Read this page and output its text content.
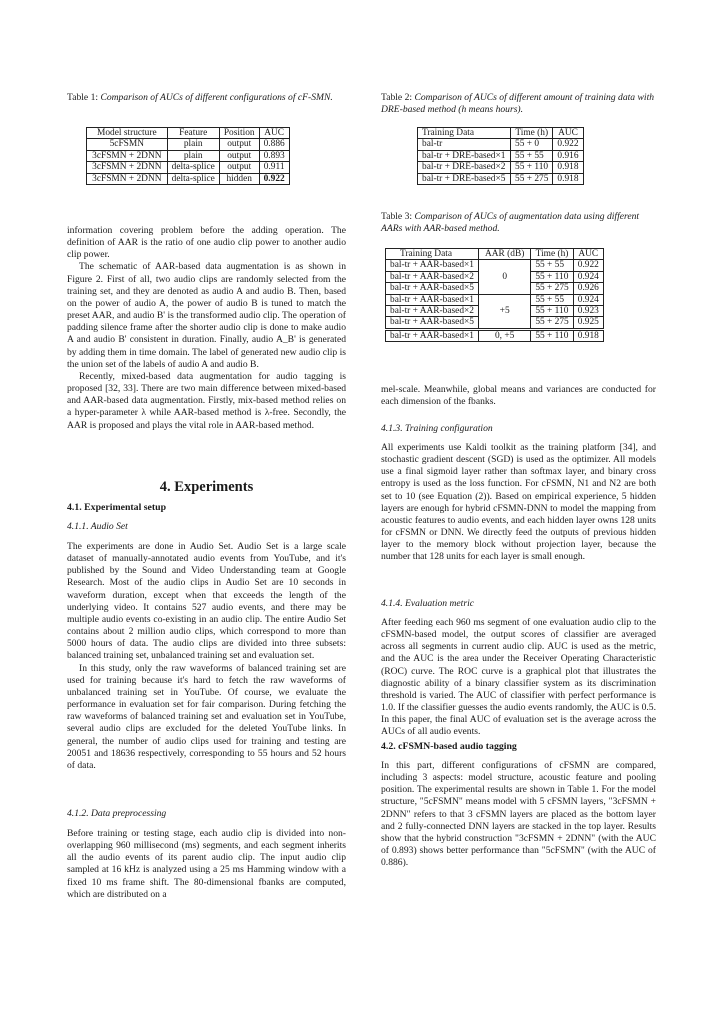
Table 1: Comparison of AUCs of different configurations of cF-SMN.
Model structure	Feature	Position	AUC
5cFSMN	plain	output	0.886
3cFSMN + 2DNN	plain	output	0.893
3cFSMN + 2DNN	delta-splice	output	0.911
3cFSMN + 2DNN	delta-splice	hidden	0.922
Table 2: Comparison of AUCs of different amount of training data with DRE-based method (h means hours).
Training Data	Time (h)	AUC
bal-tr	55 + 0	0.922
bal-tr + DRE-based×1	55 + 55	0.916
bal-tr + DRE-based×2	55 + 110	0.918
bal-tr + DRE-based×5	55 + 275	0.918
Table 3: Comparison of AUCs of augmentation data using different AARs with AAR-based method.
Training Data	AAR (dB)	Time (h)	AUC
bal-tr + AAR-based×1	0	55 + 55	0.922
bal-tr + AAR-based×2		55 + 110	0.924
bal-tr + AAR-based×5		55 + 275	0.926
bal-tr + AAR-based×1	+5	55 + 55	0.924
bal-tr + AAR-based×2		55 + 110	0.923
bal-tr + AAR-based×5		55 + 275	0.925
bal-tr + AAR-based×1	0, +5	55 + 110	0.918

information covering problem before the adding operation. The definition of AAR is the ratio of one audio clip power to another audio clip power.

The schematic of AAR-based data augmentation is as shown in Figure 2. First of all, two audio clips are randomly selected from the training set, and they are denoted as audio A and audio B. Then, based on the power of audio A, the power of audio B is tuned to match the preset AAR, and audio B' is the transformed audio clip. The operation of padding silence frame after the shorter audio clip is done to make audio A and audio B' consistent in duration. Finally, audio A_B' is generated by adding them in time domain. The label of generated new audio clip is the union set of the labels of audio A and audio B.

Recently, mixed-based data augmentation for audio tagging is proposed [32, 33]. There are two main difference between mixed-based and AAR-based data augmentation. Firstly, mix-based method relies on a hyper-parameter λ while AAR-based method is λ-free. Secondly, the AAR is proposed and plays the vital role in AAR-based method.

4. Experiments
4.1. Experimental setup
4.1.1. Audio Set

The experiments are done in Audio Set. Audio Set is a large scale dataset of manually-annotated audio events from YouTube, and it's published by the Sound and Video Understanding team at Google Research. Most of the audio clips in Audio Set are 10 seconds in waveform duration, except when that exceeds the length of the underlying video. It contains 527 audio events, and there may be multiple audio events co-existing in an audio clip. The entire Audio Set contains about 2 million audio clips, which correspond to more than 5000 hours of data. The audio clips are divided into three subsets: balanced training set, unbalanced training set and evaluation set.

In this study, only the raw waveforms of balanced training set are used for training because it's hard to fetch the raw waveforms of unbalanced training set in YouTube. Of course, we evaluate the performance in evaluation set for fair comparison. During fetching the raw waveforms of balanced training set and evaluation set in YouTube, several audio clips are excluded for the deleted YouTube links. In general, the number of audio clips used for training and testing are 20051 and 18636 respectively, corresponding to 55 hours and 52 hours of data.

4.1.2. Data preprocessing

Before training or testing stage, each audio clip is divided into non-overlapping 960 millisecond (ms) segments, and each segment inherits all the audio events of its parent audio clip. The input audio clip sampled at 16 kHz is analyzed using a 25 ms Hamming window with a fixed 10 ms frame shift. The 80-dimensional fbanks are computed, which are distributed on a

mel-scale. Meanwhile, global means and variances are conducted for each dimension of the fbanks.

4.1.3. Training configuration

All experiments use Kaldi toolkit as the training platform [34], and stochastic gradient descent (SGD) is used as the optimizer. All models use a final sigmoid layer rather than softmax layer, and binary cross entropy is used as the loss function. For cFSMN, N1 and N2 are both set to 10 (see Equation (2)). Based on empirical experience, 5 hidden layers are enough for hybrid cFSMN-DNN to model the mapping from acoustic features to audio events, and each hidden layer owns 128 units for cFSMN or DNN. We directly feed the outputs of previous hidden layer to the memory block without projection layer, because the number that 128 units for each layer is small enough.

4.1.4. Evaluation metric

After feeding each 960 ms segment of one evaluation audio clip to the cFSMN-based model, the output scores of classifier are averaged across all segments in current audio clip. AUC is used as the metric, and the AUC is the area under the Receiver Operating Characteristic (ROC) curve. The ROC curve is a graphical plot that illustrates the diagnostic ability of a binary classifier system as its discrimination threshold is varied. The AUC of classifier with perfect performance is 1.0. If the classifier guesses the audio events randomly, the AUC is 0.5. In this paper, the final AUC of evaluation set is the average across the AUCs of all audio events.

4.2. cFSMN-based audio tagging

In this part, different configurations of cFSMN are compared, including 3 aspects: model structure, acoustic feature and pooling position. The experimental results are shown in Table 1. For the model structure, "5cFSMN" means model with 5 cFSMN layers, "3cFSMN + 2DNN" refers to that 3 cFSMN layers are placed as the bottom layer and 2 fully-connected DNN layers are stacked in the top layer. Results show that the hybrid construction "3cFSMN + 2DNN" (with the AUC of 0.893) shows better performance than "5cFSMN" (with the AUC of 0.886).
